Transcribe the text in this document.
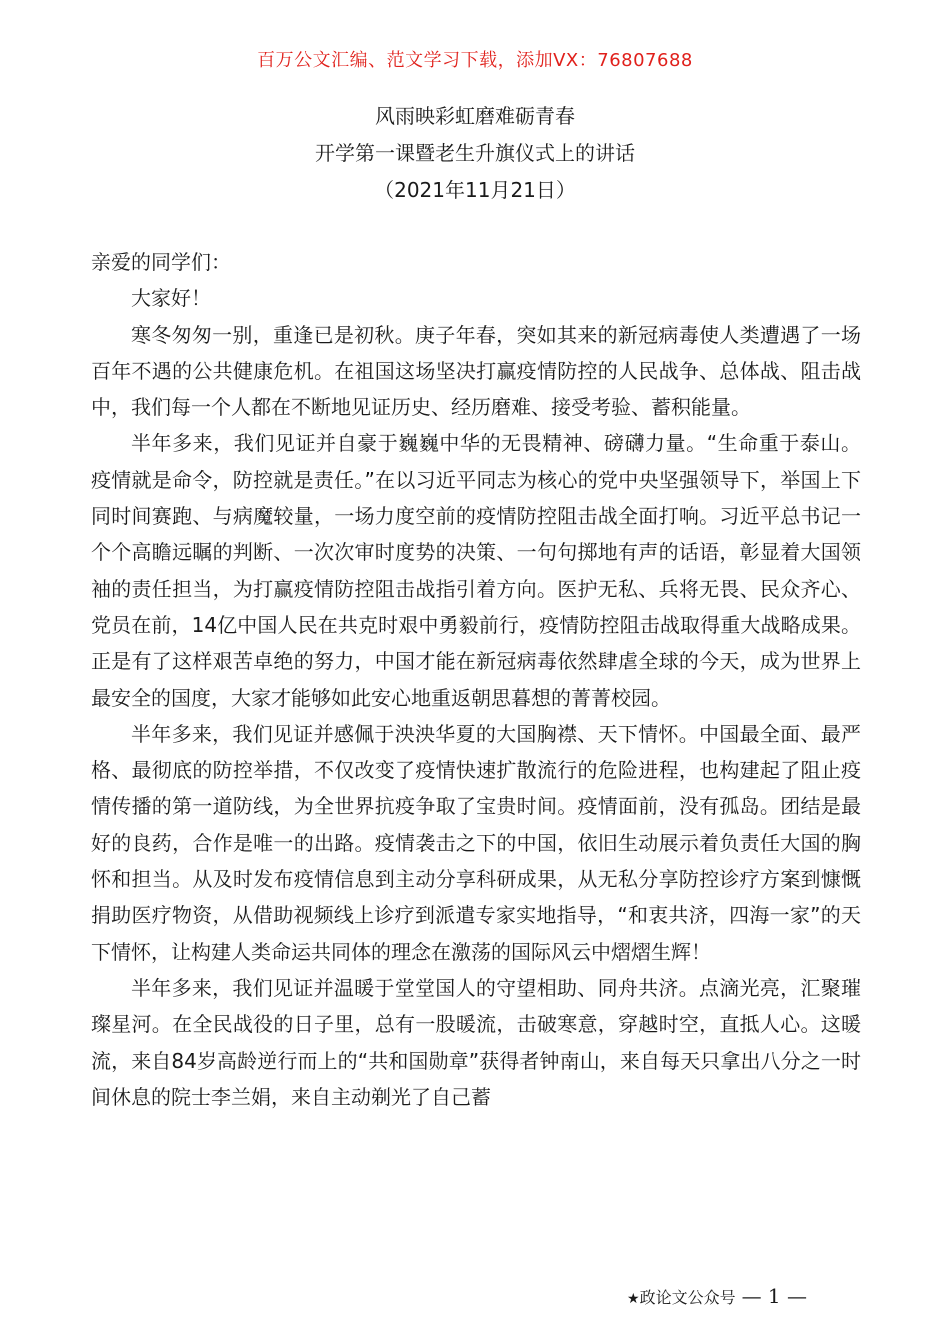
百万公文汇编、范文学习下载，添加VX：76807688
风雨映彩虹磨难砺青春
开学第一课暨老生升旗仪式上的讲话
（2021年11月21日）

亲爱的同学们：

大家好！

寒冬匆匆一别，重逢已是初秋。庚子年春，突如其来的新冠病毒使人类遭遇了一场百年不遇的公共健康危机。在祖国这场坚决打赢疫情防控的人民战争、总体战、阻击战中，我们每一个人都在不断地见证历史、经历磨难、接受考验、蓄积能量。

半年多来，我们见证并自豪于巍巍中华的无畏精神、磅礴力量。“生命重于泰山。疫情就是命令，防控就是责任。”在以习近平同志为核心的党中央坚强领导下，举国上下同时间赛跑、与病魔较量，一场力度空前的疫情防控阻击战全面打响。习近平总书记一个个高瞻远瞩的判断、一次次审时度势的决策、一句句掷地有声的话语，彰显着大国领袖的责任担当，为打赢疫情防控阻击战指引着方向。医护无私、兵将无畏、民众齐心、党员在前，14亿中国人民在共克时艰中勇毅前行，疫情防控阻击战取得重大战略成果。正是有了这样艰苦卓绝的努力，中国才能在新冠病毒依然肆虐全球的今天，成为世界上最安全的国度，大家才能够如此安心地重返朝思暮想的菁菁校园。

半年多来，我们见证并感佩于泱泱华夏的大国胸襟、天下情怀。中国最全面、最严格、最彻底的防控举措，不仅改变了疫情快速扩散流行的危险进程，也构建起了阻止疫情传播的第一道防线，为全世界抗疫争取了宝贵时间。疫情面前，没有孤岛。团结是最好的良药，合作是唯一的出路。疫情袭击之下的中国，依旧生动展示着负责任大国的胸怀和担当。从及时发布疫情信息到主动分享科研成果，从无私分享防控诊疗方案到慷慨捐助医疗物资，从借助视频线上诊疗到派遣专家实地指导，“和衷共济，四海一家”的天下情怀，让构建人类命运共同体的理念在激荡的国际风云中熠熠生辉！

半年多来，我们见证并温暖于堂堂国人的守望相助、同舟共济。点滴光亮，汇聚璀璨星河。在全民战役的日子里，总有一股暖流，击破寒意，穿越时空，直抵人心。这暖流，来自84岁高龄逆行而上的“共和国勋章”获得者钟南山，来自每天只拿出八分之一时间休息的院士李兰娟，来自主动剃光了自己蓄

★政论文公众号 — 1 —
